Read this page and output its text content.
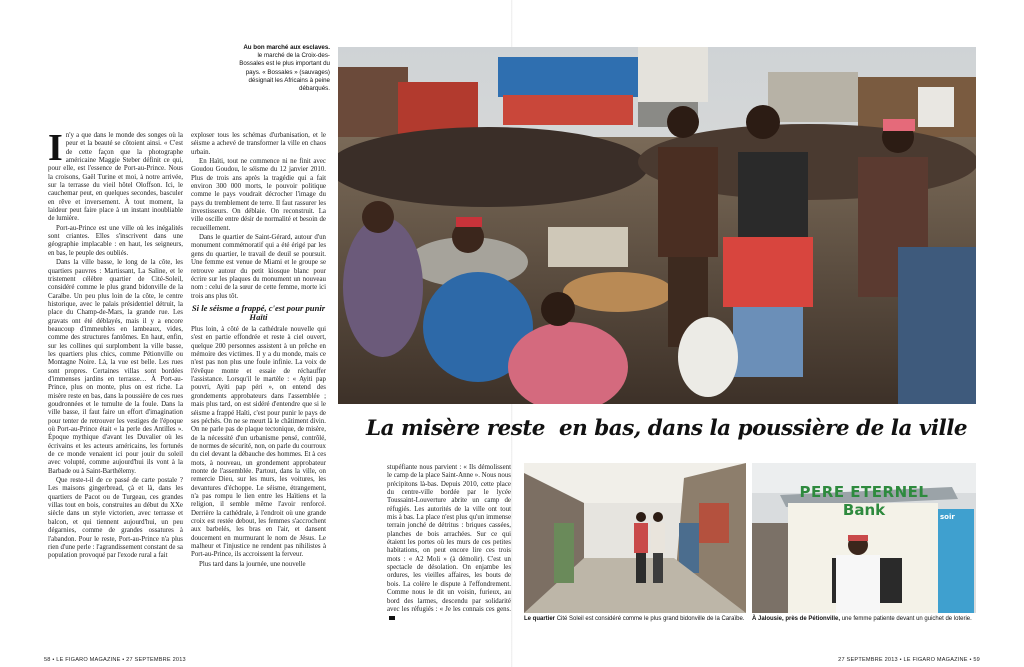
Au bon marché aux esclaves. le marché de la Croix-des-Bossales est le plus important du pays. « Bossales » (sauvages) désignait les Africains à peine débarqués.

In'y a que dans le monde des songes où la peur et la beauté se côtoient ainsi. « C'est de cette façon que la photographe américaine Maggie Steber définit ce qui, pour elle, est l'essence de Port-au-Prince. Nous la croisons, Gaël Turine et moi, à notre arrivée, sur la terrasse du vieil hôtel Oloffson. Ici, le cauchemar peut, en quelques secondes, basculer en rêve et inversement. À tout moment, la laideur peut faire place à un instant inoubliable de lumière.

Port-au-Prince est une ville où les inégalités sont criantes. Elles s'inscrivent dans une géographie implacable : en haut, les seigneurs, en bas, le peuple des oubliés.

Dans la ville basse, le long de la côte, les quartiers pauvres : Martissant, La Saline, et le tristement célèbre quartier de Cité-Soleil, considéré comme le plus grand bidonville de la Caraïbe. Un peu plus loin de la côte, le centre historique, avec le palais présidentiel détruit, la place du Champ-de-Mars, la grande rue. Les gravats ont été déblayés, mais il y a encore beaucoup d'immeubles en lambeaux, vides, comme des structures fantômes. En haut, enfin, sur les collines qui surplombent la ville basse, les quartiers plus chics, comme Pétionville ou Montagne Noire. Là, la vue est belle. Les rues sont propres. Certaines villas sont bordées d'immenses jardins en terrasse… À Port-au-Prince, plus on monte, plus on est riche. La misère reste en bas, dans la poussière de ces rues goudronnées et le tumulte de la foule. Dans la ville basse, il faut faire un effort d'imagination pour tenter de retrouver les vestiges de l'époque où Port-au-Prince était « la perle des Antilles ». Époque mythique d'avant les Duvalier où les écrivains et les acteurs américains, les fortunés de ce monde venaient ici pour jouir du soleil avec volupté, comme aujourd'hui ils vont à la Barbade ou à Saint-Barthélemy.

Que reste-t-il de ce passé de carte postale ? Les maisons gingerbread, çà et là, dans les quartiers de Pacot ou de Turgeau, ces grandes villas tout en bois, construites au début du XXe siècle dans un style victorien, avec terrasse et balcon, et qui tiennent aujourd'hui, un peu dégarnies, comme de grandes ossatures à l'abandon. Pour le reste, Port-au-Prince n'a plus rien d'une perle : l'agrandissement constant de sa population provoqué par l'exode rural a fait

exploser tous les schémas d'urbanisation, et le séisme a achevé de transformer la ville en chaos urbain.

En Haïti, tout ne commence ni ne finit avec Goudou Goudou, le séisme du 12 janvier 2010. Plus de trois ans après la tragédie qui a fait environ 300 000 morts, le pouvoir politique comme le pays voudrait décrocher l'image du pays du tremblement de terre. Il faut rassurer les investisseurs. On déblaie. On reconstruit. La ville oscille entre désir de normalité et besoin de recueillement.

Dans le quartier de Saint-Gérard, autour d'un monument commémoratif qui a été érigé par les gens du quartier, le travail de deuil se poursuit. Une femme est venue de Miami et le groupe se retrouve autour du petit kiosque blanc pour écrire sur les plaques du monument un nouveau nom : celui de la sœur de cette femme, morte ici trois ans plus tôt.

Si le séisme a frappé, c'est pour punir Haïti

Plus loin, à côté de la cathédrale nouvelle qui s'est en partie effondrée et reste à ciel ouvert, quelque 200 personnes assistent à un prêche en mémoire des victimes. Il y a du monde, mais ce n'est pas non plus une foule infinie. La voix de l'évêque monte et essaie de réchauffer l'assistance. Lorsqu'il le martèle : « Ayiti pap pouvri, Ayiti pap péri », on entend des grondements approbateurs dans l'assemblée ; mais plus tard, on est sidéré d'entendre que si le séisme a frappé Haïti, c'est pour punir le pays de ses péchés. On ne se meurt là le châtiment divin. On ne parle pas de plaque tectonique, de misère, de la nécessité d'un urbanisme pensé, contrôlé, de normes de sécurité, non, on parle du courroux du ciel devant la débauche des hommes. Et à ces mots, à nouveau, un grondement approbateur monte de l'assemblée. Partout, dans la ville, on remercie Dieu, sur les murs, les voitures, les devantures d'échoppe. Le séisme, étrangement, n'a pas rompu le lien entre les Haïtiens et la religion, il semble même l'avoir renforcé. Derrière la cathédrale, à l'endroit où une grande croix est restée debout, les femmes s'accrochent aux barbelés, les bras en l'air, et dansent doucement en murmurant le nom de Jésus. Le malheur et l'injustice ne rendent pas nihilistes à Port-au-Prince, ils accroissent la ferveur.

Plus tard dans la journée, une nouvelle

La misère reste en bas, dans la poussière de la ville

stupéfiante nous parvient : « Ils démolissent le camp de la place Saint-Anne ». Nous nous précipitons là-bas. Depuis 2010, cette place du centre-ville bordée par le lycée Toussaint-Louverture abrite un camp de réfugiés. Les autorités de la ville ont tout mis à bas. La place n'est plus qu'un immense terrain jonché de détritus : briques cassées, planches de bois arrachées. Sur ce qui étaient les portes où les murs de ces petites habitations, on peut encore lire ces trois mots : « A2 Moli » (à démolir). C'est un spectacle de désolation. On enjambe les ordures, les vieilles affaires, les bouts de bois. La colère le dispute à l'effondrement. Comme nous le dit un voisin, furieux, au bord des larmes, descendu par solidarité avec les réfugiés : « Je les connais ces gens.

PERE ETERNEL
Bank	soir
Le quartier Cité Soleil est considéré comme le plus grand bidonville de la Caraïbe. À Jalousie, près de Pétionville, une femme patiente devant un guichet de loterie.
58 • LE FIGARO MAGAZINE • 27 SEPTEMBRE 2013	27 SEPTEMBRE 2013 • LE FIGARO MAGAZINE • 59
